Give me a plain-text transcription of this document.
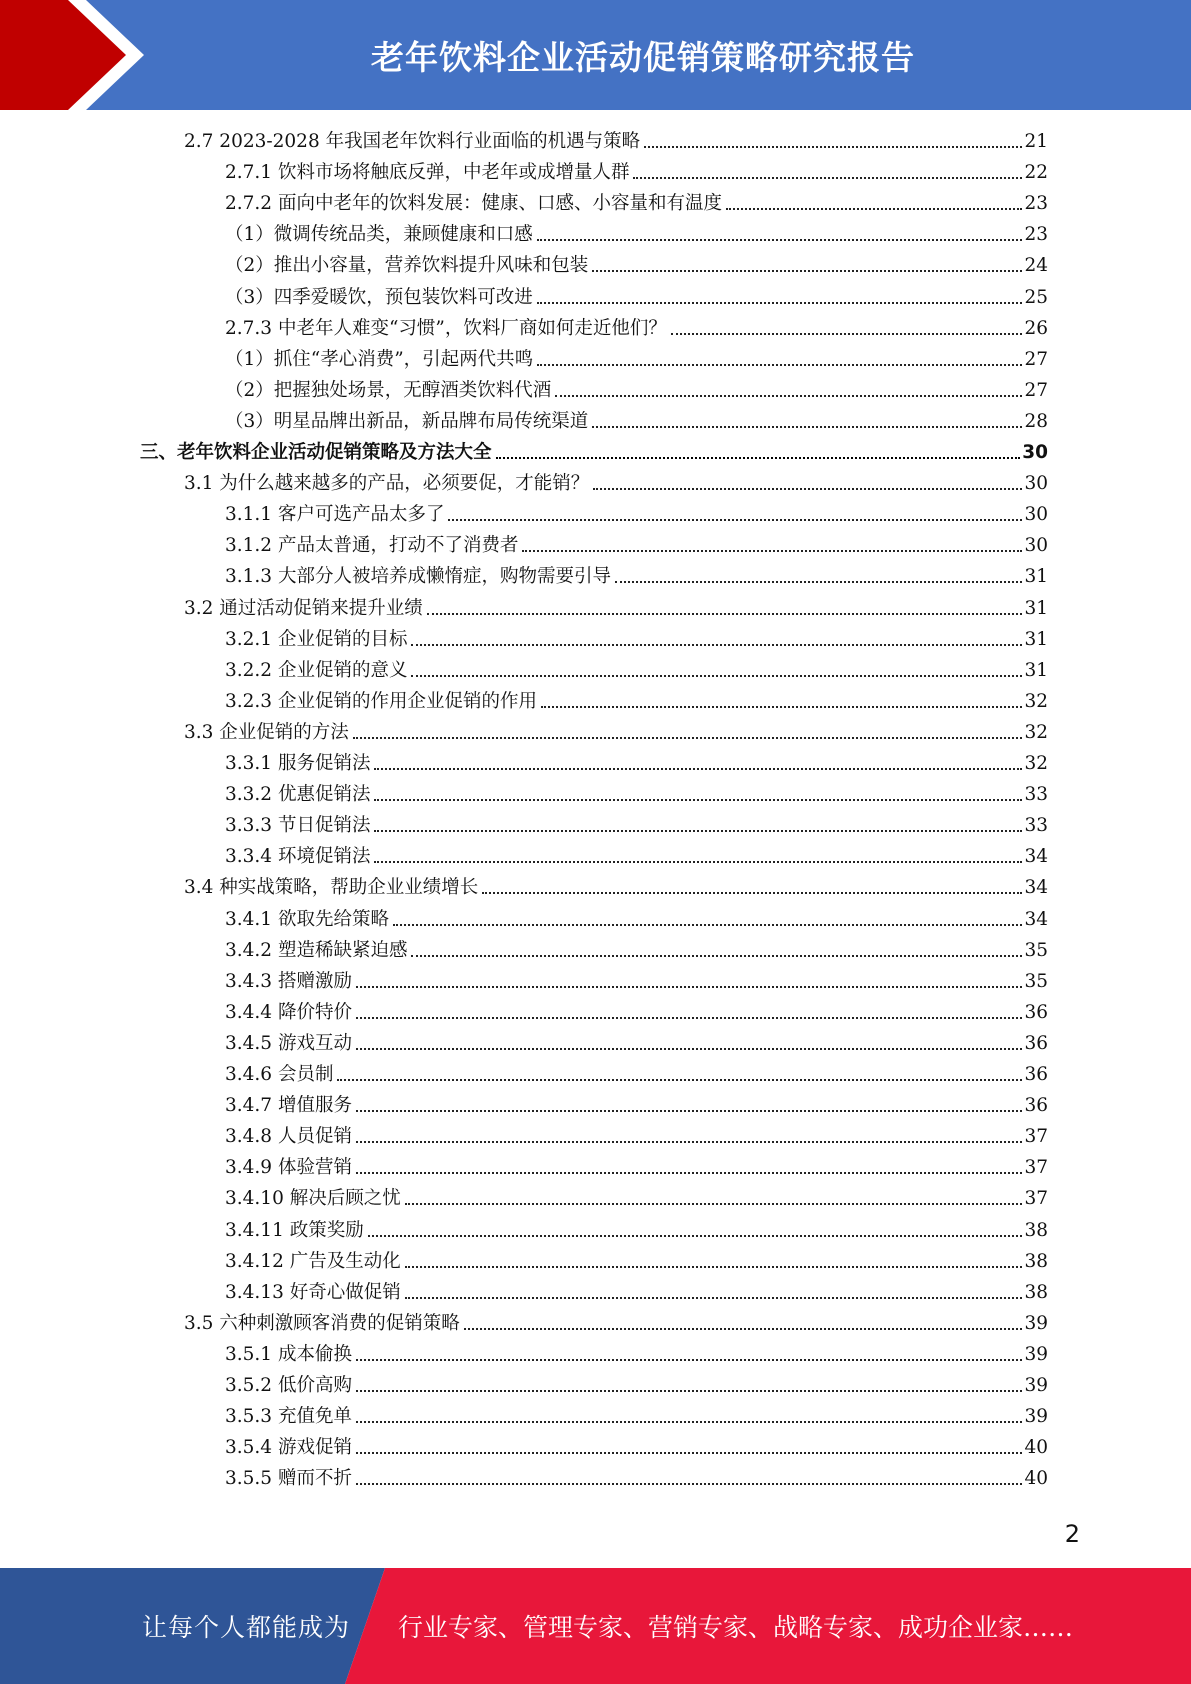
老年饮料企业活动促销策略研究报告
2.7 2023-2028 年我国老年饮料行业面临的机遇与策略	21
2.7.1 饮料市场将触底反弹，中老年或成增量人群	22
2.7.2 面向中老年的饮料发展：健康、口感、小容量和有温度	23
（1）微调传统品类，兼顾健康和口感	23
（2）推出小容量，营养饮料提升风味和包装	24
（3）四季爱暖饮，预包装饮料可改进	25
2.7.3 中老年人难变“习惯”，饮料厂商如何走近他们？	26
（1）抓住“孝心消费”，引起两代共鸣	27
（2）把握独处场景，无醇酒类饮料代酒	27
（3）明星品牌出新品，新品牌布局传统渠道	28
三、老年饮料企业活动促销策略及方法大全	30
3.1 为什么越来越多的产品，必须要促，才能销？	30
3.1.1 客户可选产品太多了	30
3.1.2 产品太普通，打动不了消费者	30
3.1.3 大部分人被培养成懒惰症，购物需要引导	31
3.2 通过活动促销来提升业绩	31
3.2.1 企业促销的目标	31
3.2.2 企业促销的意义	31
3.2.3 企业促销的作用企业促销的作用	32
3.3 企业促销的方法	32
3.3.1 服务促销法	32
3.3.2 优惠促销法	33
3.3.3 节日促销法	33
3.3.4 环境促销法	34
3.4 种实战策略，帮助企业业绩增长	34
3.4.1 欲取先给策略	34
3.4.2 塑造稀缺紧迫感	35
3.4.3 搭赠激励	35
3.4.4 降价特价	36
3.4.5 游戏互动	36
3.4.6 会员制	36
3.4.7 增值服务	36
3.4.8 人员促销	37
3.4.9 体验营销	37
3.4.10 解决后顾之忧	37
3.4.11 政策奖励	38
3.4.12 广告及生动化	38
3.4.13 好奇心做促销	38
3.5 六种刺激顾客消费的促销策略	39
3.5.1 成本偷换	39
3.5.2 低价高购	39
3.5.3 充值免单	39
3.5.4 游戏促销	40
3.5.5 赠而不折	40
2
让每个人都能成为 行业专家、管理专家、营销专家、战略专家、成功企业家……
